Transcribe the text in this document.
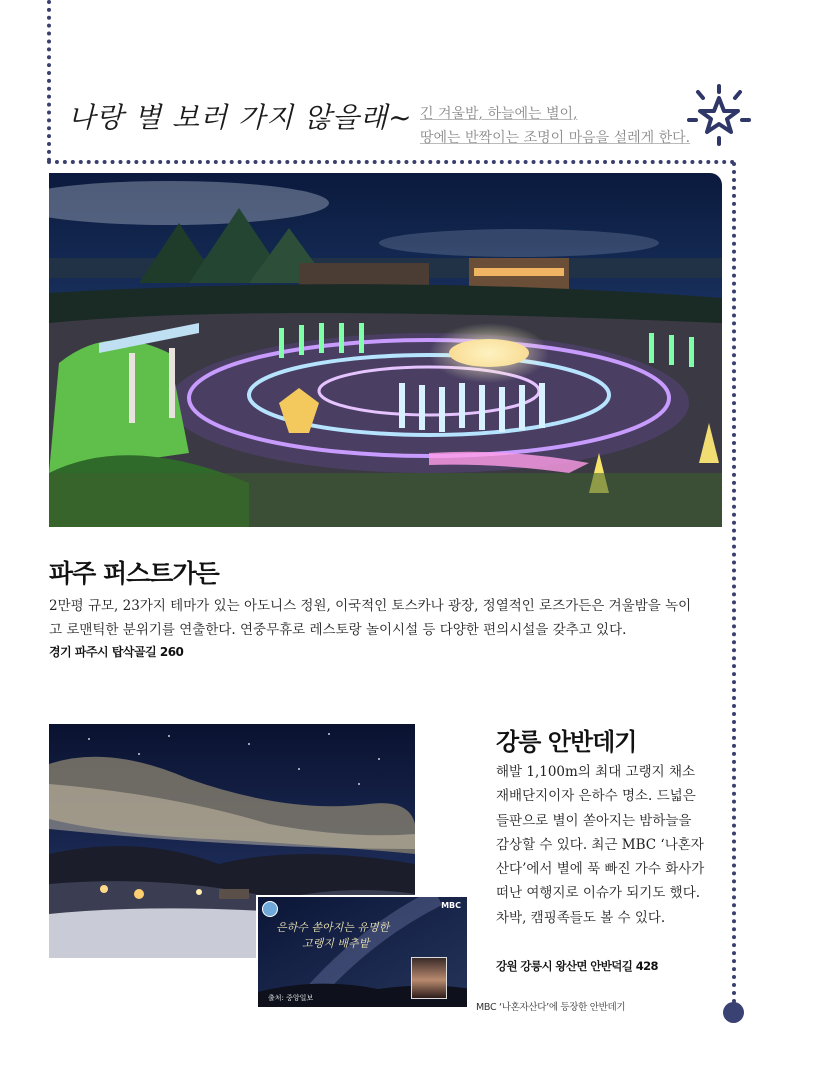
나랑 별 보러 가지 않을래~ 긴 겨울밤, 하늘에는 별이,
땅에는 반짝이는 조명이 마음을 설레게 한다.
파주 퍼스트가든
2만평 규모, 23가지 테마가 있는 아도니스 정원, 이국적인 토스카나 광장, 정열적인 로즈가든은 겨울밤을 녹이고 로맨틱한 분위기를 연출한다. 연중무휴로 레스토랑 놀이시설 등 다양한 편의시설을 갖추고 있다.
경기 파주시 탑삭골길 260
MBC
은하수 쏟아지는 유명한
고랭지 배추밭
출처: 중앙일보
강릉 안반데기
해발 1,100m의 최대 고랭지 채소 재배단지이자 은하수 명소. 드넓은 들판으로 별이 쏟아지는 밤하늘을 감상할 수 있다. 최근 MBC ‘나혼자산다’에서 별에 푹 빠진 가수 화사가 떠난 여행지로 이슈가 되기도 했다. 차박, 캠핑족들도 볼 수 있다.
강원 강릉시 왕산면 안반덕길 428
MBC ‘나혼자산다’에 등장한 안반데기
